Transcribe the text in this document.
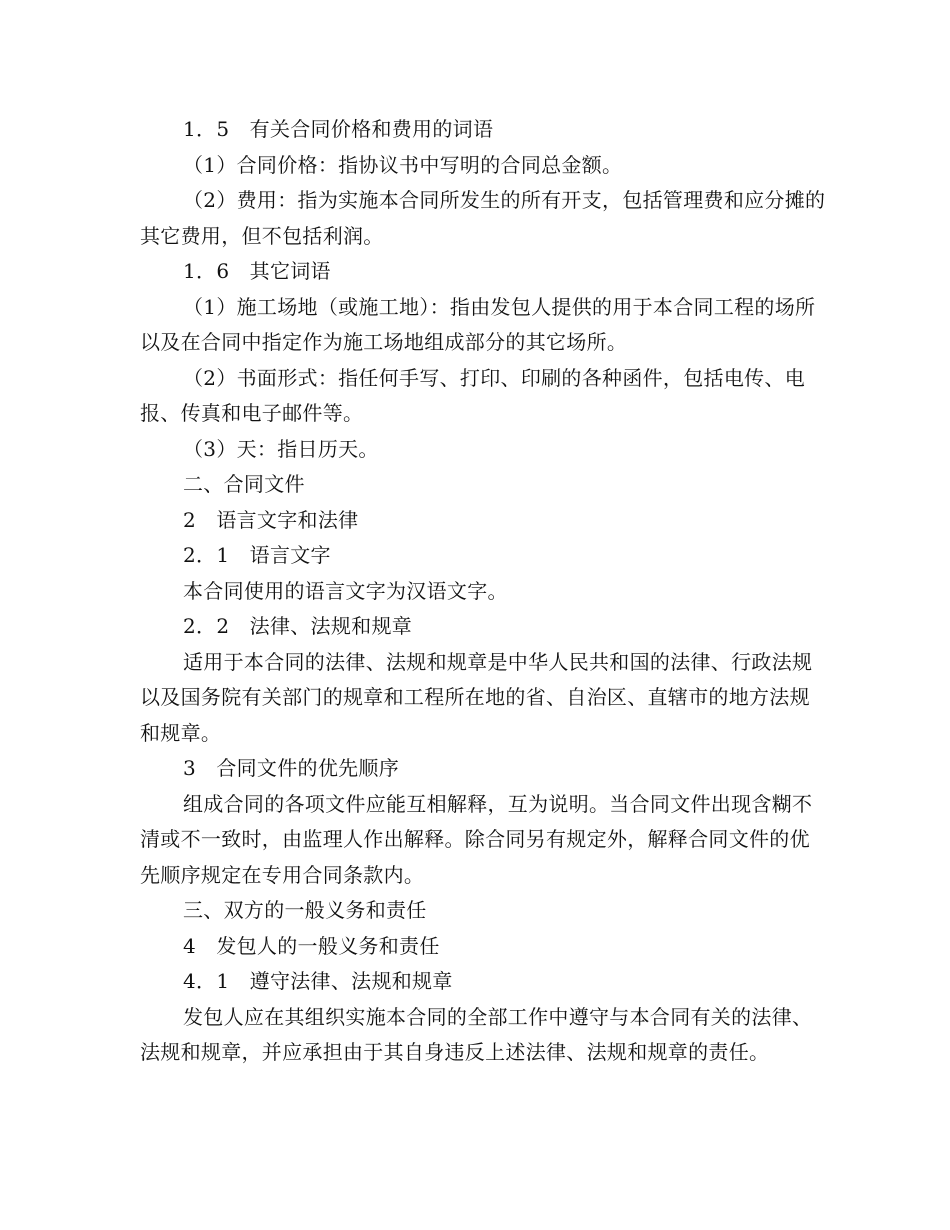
1．5　有关合同价格和费用的词语

（1）合同价格：指协议书中写明的合同总金额。

（2）费用：指为实施本合同所发生的所有开支，包括管理费和应分摊的其它费用，但不包括利润。

1．6　其它词语

（1）施工场地（或施工地）：指由发包人提供的用于本合同工程的场所以及在合同中指定作为施工场地组成部分的其它场所。

（2）书面形式：指任何手写、打印、印刷的各种函件，包括电传、电报、传真和电子邮件等。

（3）天：指日历天。

二、合同文件

2　语言文字和法律

2．1　语言文字

本合同使用的语言文字为汉语文字。

2．2　法律、法规和规章

适用于本合同的法律、法规和规章是中华人民共和国的法律、行政法规以及国务院有关部门的规章和工程所在地的省、自治区、直辖市的地方法规和规章。

3　合同文件的优先顺序

组成合同的各项文件应能互相解释，互为说明。当合同文件出现含糊不清或不一致时，由监理人作出解释。除合同另有规定外，解释合同文件的优先顺序规定在专用合同条款内。

三、双方的一般义务和责任

4　发包人的一般义务和责任

4．1　遵守法律、法规和规章

发包人应在其组织实施本合同的全部工作中遵守与本合同有关的法律、法规和规章，并应承担由于其自身违反上述法律、法规和规章的责任。
